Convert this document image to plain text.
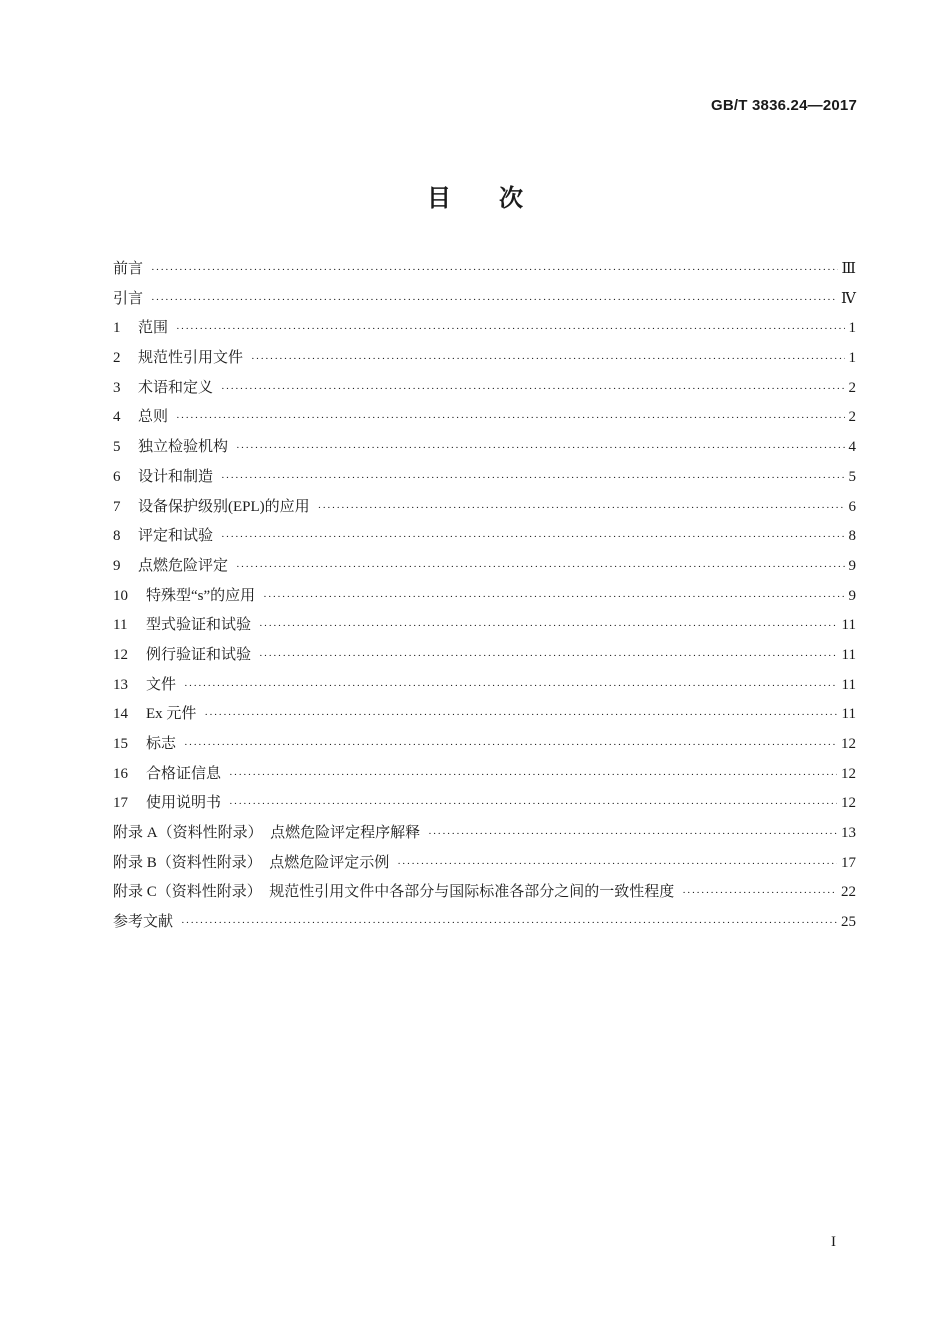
GB/T 3836.24—2017
目次
前言 ·····	Ⅲ
引言 ·····	Ⅳ
1	范围 ·····	1
2	规范性引用文件 ·····	1
3	术语和定义 ·····	2
4	总则 ·····	2
5	独立检验机构 ·····	4
6	设计和制造 ·····	5
7	设备保护级别(EPL)的应用 ·····	6
8	评定和试验 ·····	8
9	点燃危险评定 ·····	9
10	特殊型“s”的应用 ·····	9
11	型式验证和试验 ·····	11
12	例行验证和试验 ·····	11
13	文件 ·····	11
14	Ex 元件 ·····	11
15	标志 ·····	12
16	合格证信息 ·····	12
17	使用说明书 ·····	12
附录 A（资料性附录）　点燃危险评定程序解释 ·····	13
附录 B（资料性附录）　点燃危险评定示例 ·····	17
附录 C（资料性附录）　规范性引用文件中各部分与国际标准各部分之间的一致性程度 ·····	22
参考文献 ·····	25
I
